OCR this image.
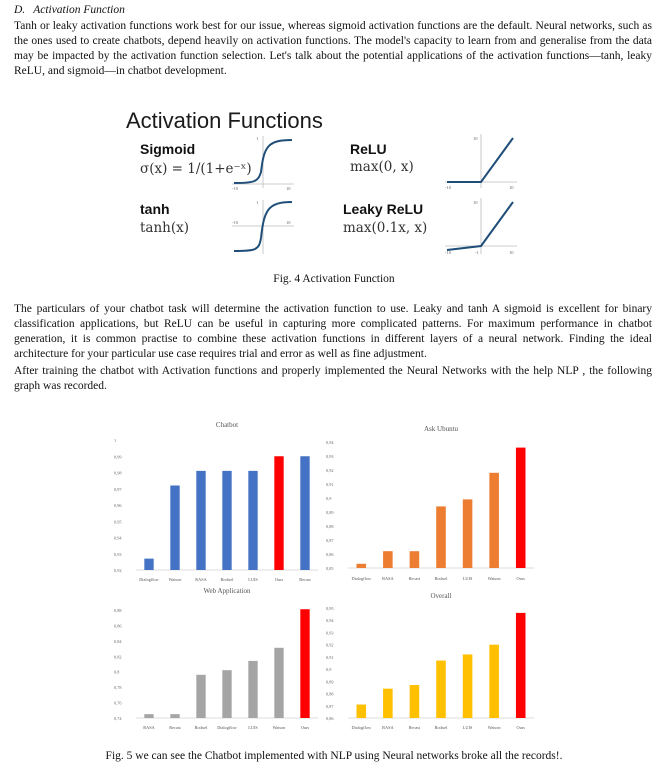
D. Activation Function
Tanh or leaky activation functions work best for our issue, whereas sigmoid activation functions are the default. Neural networks, such as the ones used to create chatbots, depend heavily on activation functions. The model's capacity to learn from and generalise from the data may be impacted by the activation function selection. Let's talk about the potential applications of the activation functions—tanh, leaky ReLU, and sigmoid—in chatbot development.
Activation Functions
Sigmoid
σ(x) = 1/(1+e⁻ˣ)
ReLU
max(0, x)
tanh
tanh(x)
Leaky ReLU
max(0.1x, x)
-10	10
1
-10	10
10
-10	10
1
-10	10
10
-1
Fig. 4 Activation Function
The particulars of your chatbot task will determine the activation function to use. Leaky and tanh A sigmoid is excellent for binary classification applications, but ReLU can be useful in capturing more complicated patterns. For maximum performance in chatbot generation, it is common practise to combine these activation functions in different layers of a neural network. Finding the ideal architecture for your particular use case requires trial and error as well as fine adjustment.
After training the chatbot with Activation functions and properly implemented the Neural Networks with the help NLP , the following graph was recorded.
Chatbot
0,92
0,93
0,94
0,95
0,96
0,97
0,98
0,99
1
Dialogflow Watson	RASA	Botfuel	LUIS	Ours	Recast
Ask Ubuntu
0,85
0,86
0,87
0,88
0,89
0,9
0,91
0,92
0,93
0,94
Dialogflow	RASA	Recast	Botfuel	LUIS	Watson	Ours
Web Application
0,74
0,76
0,78
0,8
0,82
0,84
0,86
0,88
RASA	Recast	Botfuel Dialogflow	LUIS	Watson	Ours
Overall
0,86
0,87
0,88
0,89
0,9
0,91
0,92
0,93
0,94
0,95
Dialogflow	RASA	Recast	Botfuel	LUIS	Watson	Ours
Fig. 5 we can see the Chatbot implemented with NLP using Neural networks broke all the records!.
